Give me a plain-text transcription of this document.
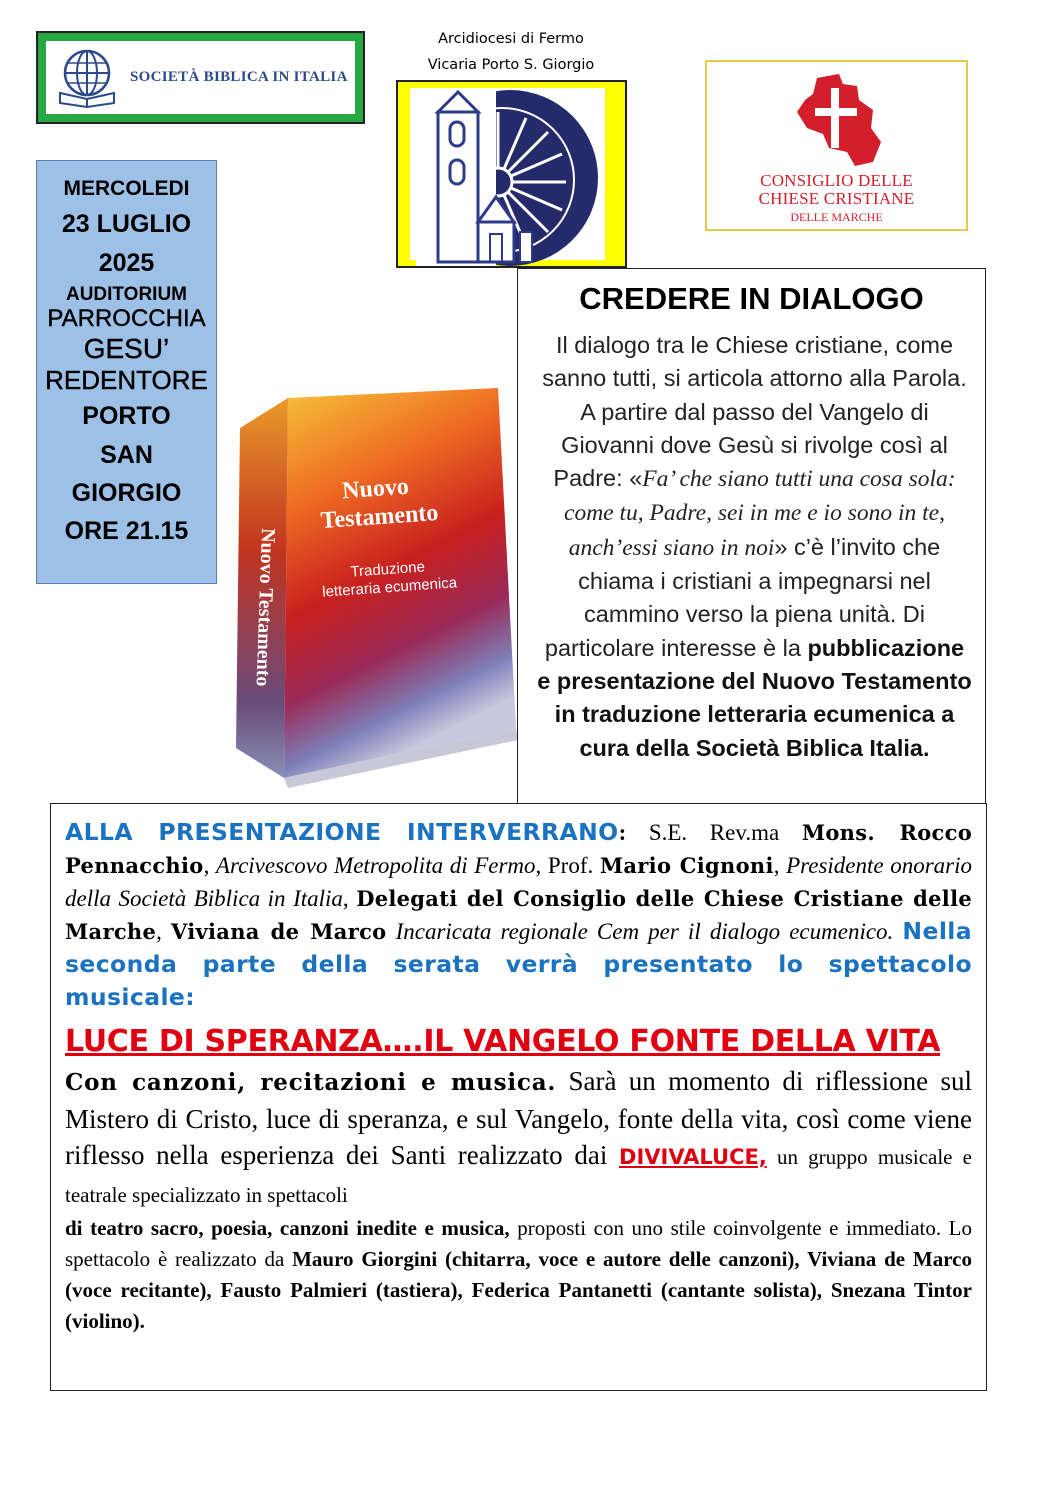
SOCIETÀ BIBLICA IN ITALIA
Arcidiocesi di Fermo
Vicaria Porto S. Giorgio
CONSIGLIO DELLE
CHIESE CRISTIANE
DELLE MARCHE
MERCOLEDI
23 LUGLIO
2025
AUDITORIUM
PARROCCHIA
GESU’
REDENTORE
PORTO
SAN
GIORGIO
ORE 21.15
Nuovo
Testamento
Traduzione
letteraria ecumenica
Nuovo Testamento
CREDERE IN DIALOGO
Il dialogo tra le Chiese cristiane, come sanno tutti, si articola attorno alla Parola. A partire dal passo del Vangelo di Giovanni dove Gesù si rivolge così al Padre: «Fa’ che siano tutti una cosa sola: come tu, Padre, sei in me e io sono in te, anch’essi siano in noi» c’è l’invito che chiama i cristiani a impegnarsi nel cammino verso la piena unità. Di particolare interesse è la pubblicazione e presentazione del Nuovo Testamento in traduzione letteraria ecumenica a cura della Società Biblica Italia.
ALLA PRESENTAZIONE INTERVERRANO: S.E. Rev.ma Mons. Rocco Pennacchio, Arcivescovo Metropolita di Fermo, Prof. Mario Cignoni, Presidente onorario della Società Biblica in Italia, Delegati del Consiglio delle Chiese Cristiane delle Marche, Viviana de Marco Incaricata regionale Cem per il dialogo ecumenico. Nella seconda parte della serata verrà presentato lo spettacolo musicale:
LUCE DI SPERANZA….IL VANGELO FONTE DELLA VITA
Con canzoni, recitazioni e musica. Sarà un momento di riflessione sul Mistero di Cristo, luce di speranza, e sul Vangelo, fonte della vita, così come viene riflesso nella esperienza dei Santi realizzato dai DIVIVALUCE, un gruppo musicale e teatrale specializzato in spettacoli
di teatro sacro, poesia, canzoni inedite e musica, proposti con uno stile coinvolgente e immediato. Lo spettacolo è realizzato da Mauro Giorgini (chitarra, voce e autore delle canzoni), Viviana de Marco (voce recitante), Fausto Palmieri (tastiera), Federica Pantanetti (cantante solista), Snezana Tintor (violino).
